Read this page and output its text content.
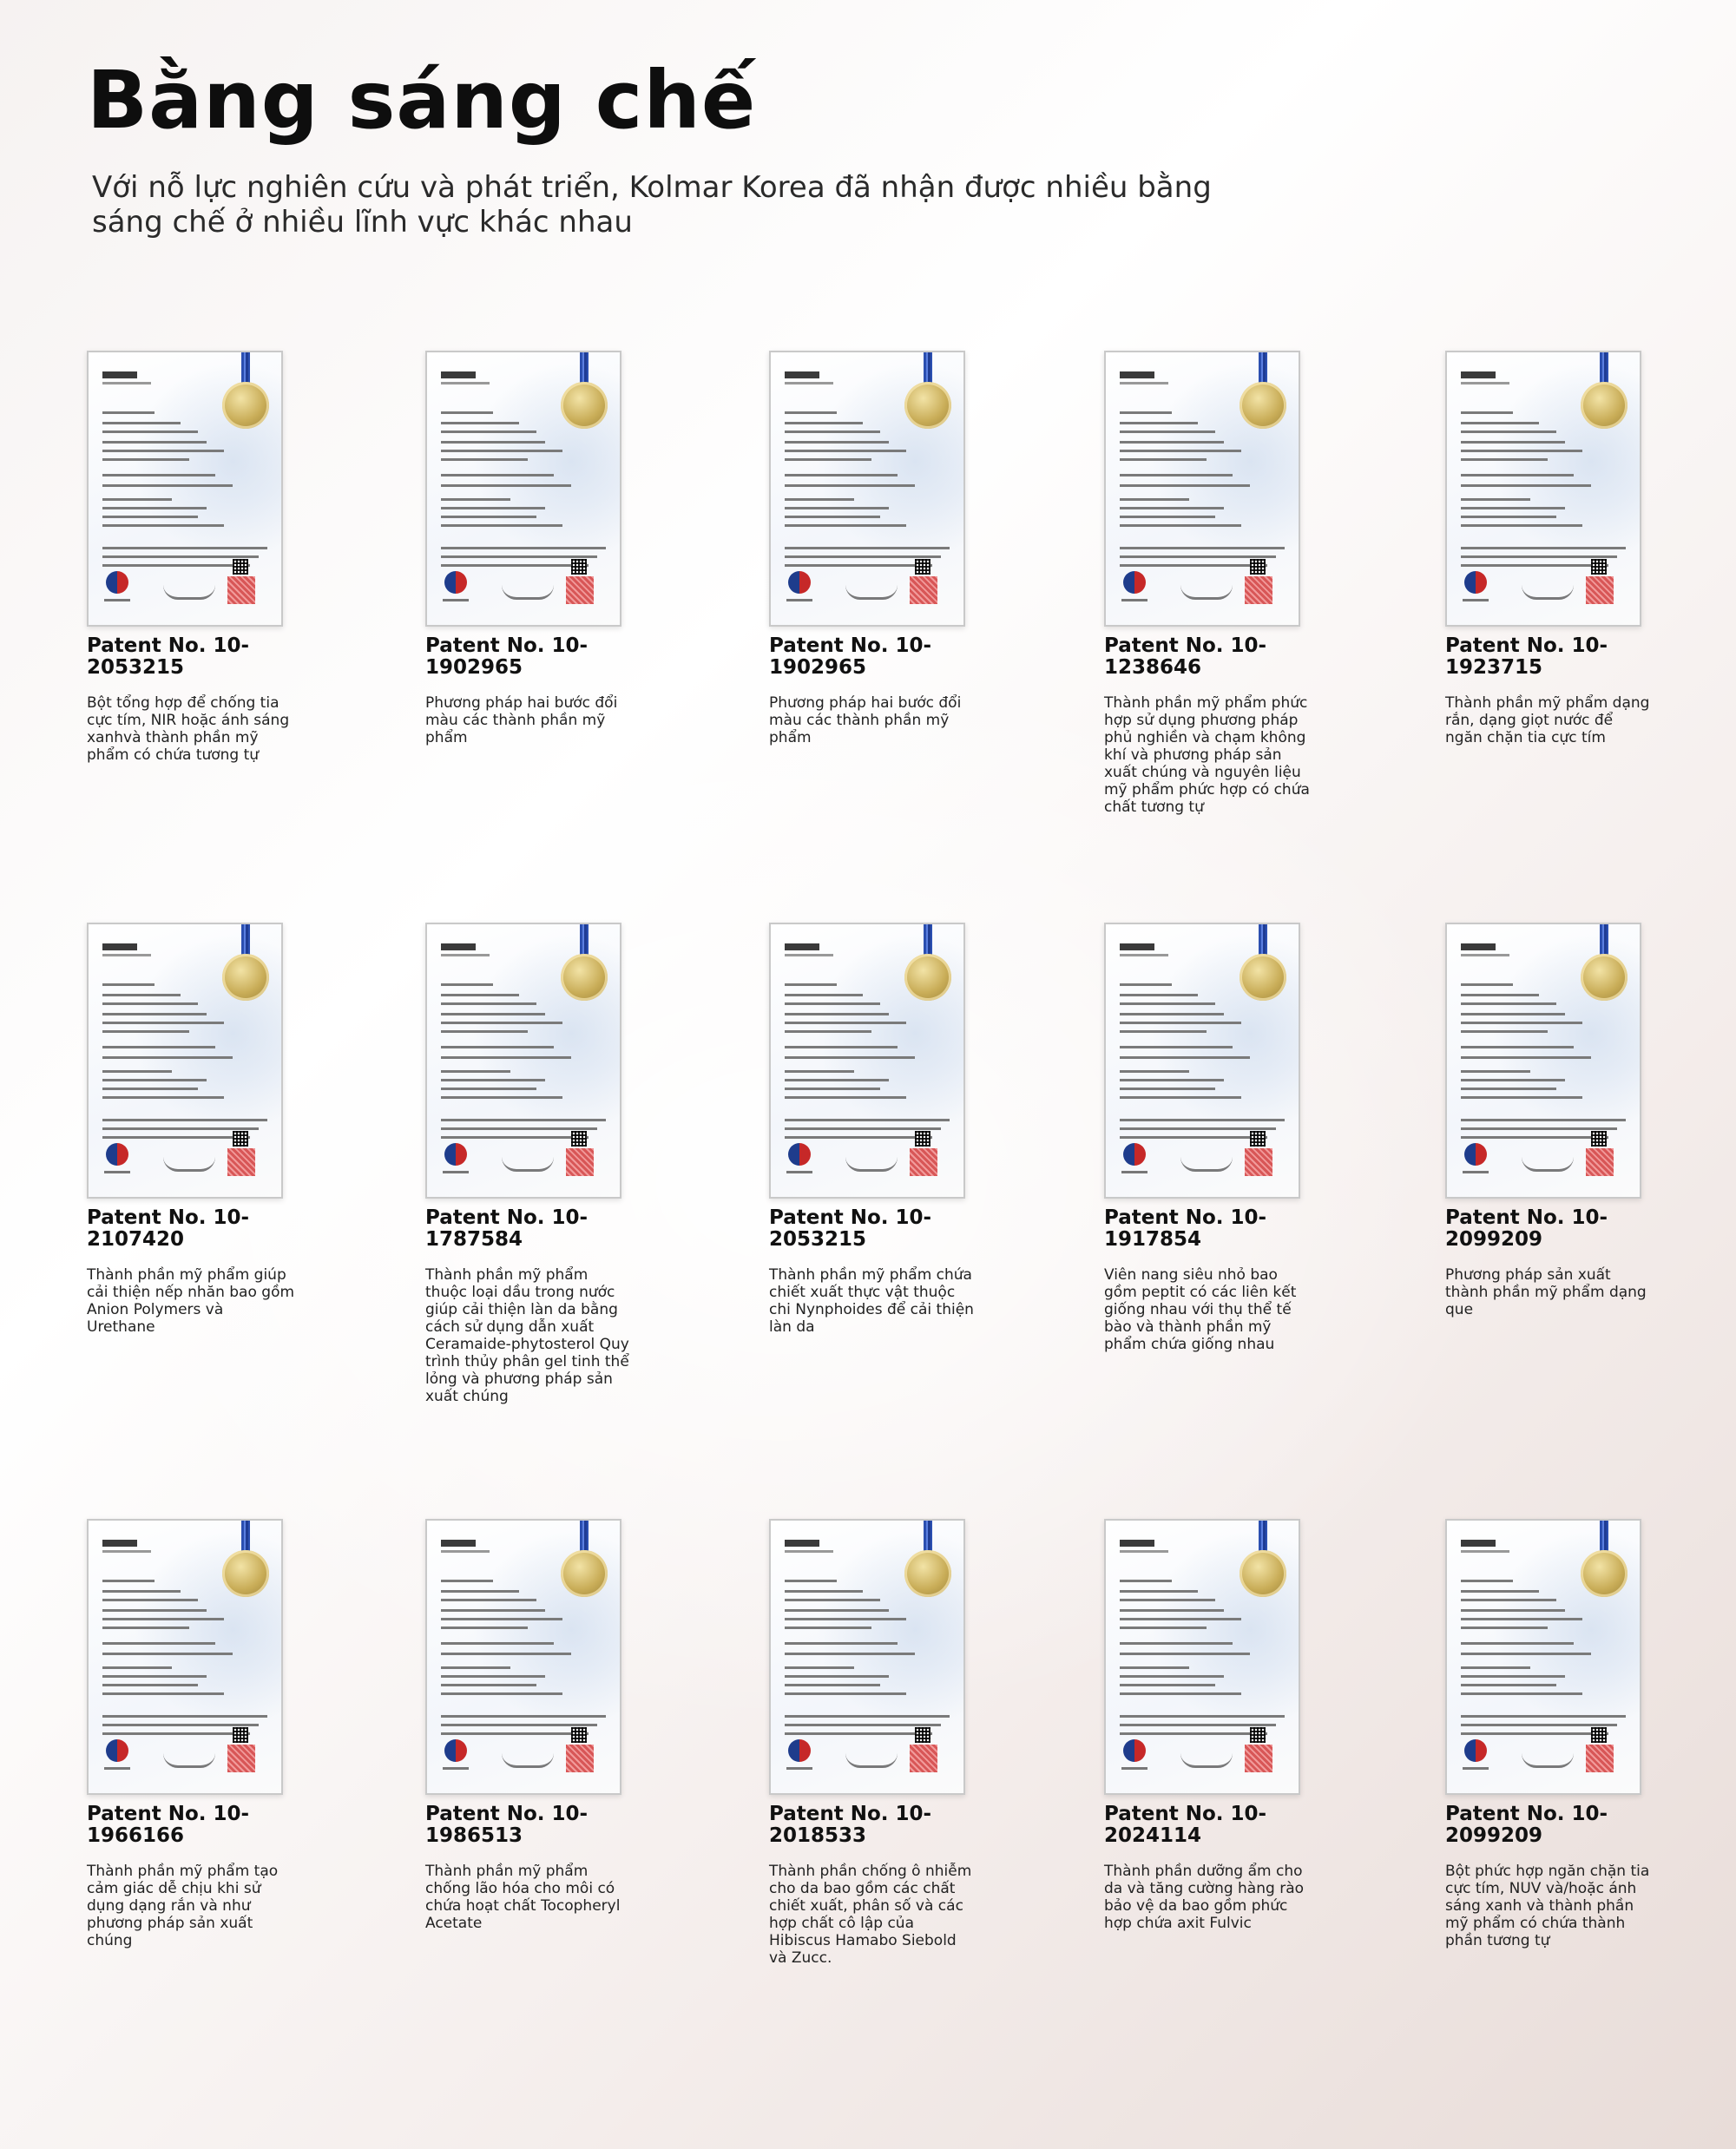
Bằng sáng chế

Với nỗ lực nghiên cứu và phát triển, Kolmar Korea đã nhận được nhiều bằng sáng chế ở nhiều lĩnh vực khác nhau

Patent No. 10-
2053215
Bột tổng hợp để chống tia cực tím, NIR hoặc ánh sáng xanhvà thành phần mỹ phẩm có chứa tương tự
Patent No. 10-
1902965
Phương pháp hai bước đổi màu các thành phần mỹ phẩm
Patent No. 10-
1902965
Phương pháp hai bước đổi màu các thành phần mỹ phẩm
Patent No. 10-
1238646
Thành phần mỹ phẩm phức hợp sử dụng phương pháp phủ nghiền và chạm không khí và phương pháp sản xuất chúng và nguyên liệu mỹ phẩm phức hợp có chứa chất tương tự
Patent No. 10-
1923715
Thành phần mỹ phẩm dạng rắn, dạng giọt nước để ngăn chặn tia cực tím
Patent No. 10-
2107420
Thành phần mỹ phẩm giúp cải thiện nếp nhăn bao gồm Anion Polymers và Urethane
Patent No. 10-
1787584
Thành phần mỹ phẩm thuộc loại dầu trong nước giúp cải thiện làn da bằng cách sử dụng dẫn xuất Ceramaide-phytosterol Quy trình thủy phân gel tinh thể lỏng và phương pháp sản xuất chúng
Patent No. 10-
2053215
Thành phần mỹ phẩm chứa chiết xuất thực vật thuộc chi Nynphoides để cải thiện làn da
Patent No. 10-
1917854
Viên nang siêu nhỏ bao gồm peptit có các liên kết giống nhau với thụ thể tế bào và thành phần mỹ phẩm chứa giống nhau
Patent No. 10-
2099209
Phương pháp sản xuất thành phần mỹ phẩm dạng que
Patent No. 10-
1966166
Thành phần mỹ phẩm tạo cảm giác dễ chịu khi sử dụng dạng rắn và như phương pháp sản xuất chúng
Patent No. 10-
1986513
Thành phần mỹ phẩm chống lão hóa cho môi có chứa hoạt chất Tocopheryl Acetate
Patent No. 10-
2018533
Thành phần chống ô nhiễm cho da bao gồm các chất chiết xuất, phân số và các hợp chất cô lập của Hibiscus Hamabo Siebold và Zucc.
Patent No. 10-
2024114
Thành phần dưỡng ẩm cho da và tăng cường hàng rào bảo vệ da bao gồm phức hợp chứa axit Fulvic
Patent No. 10-
2099209
Bột phức hợp ngăn chặn tia cực tím, NUV và/hoặc ánh sáng xanh và thành phần mỹ phẩm có chứa thành phần tương tự
